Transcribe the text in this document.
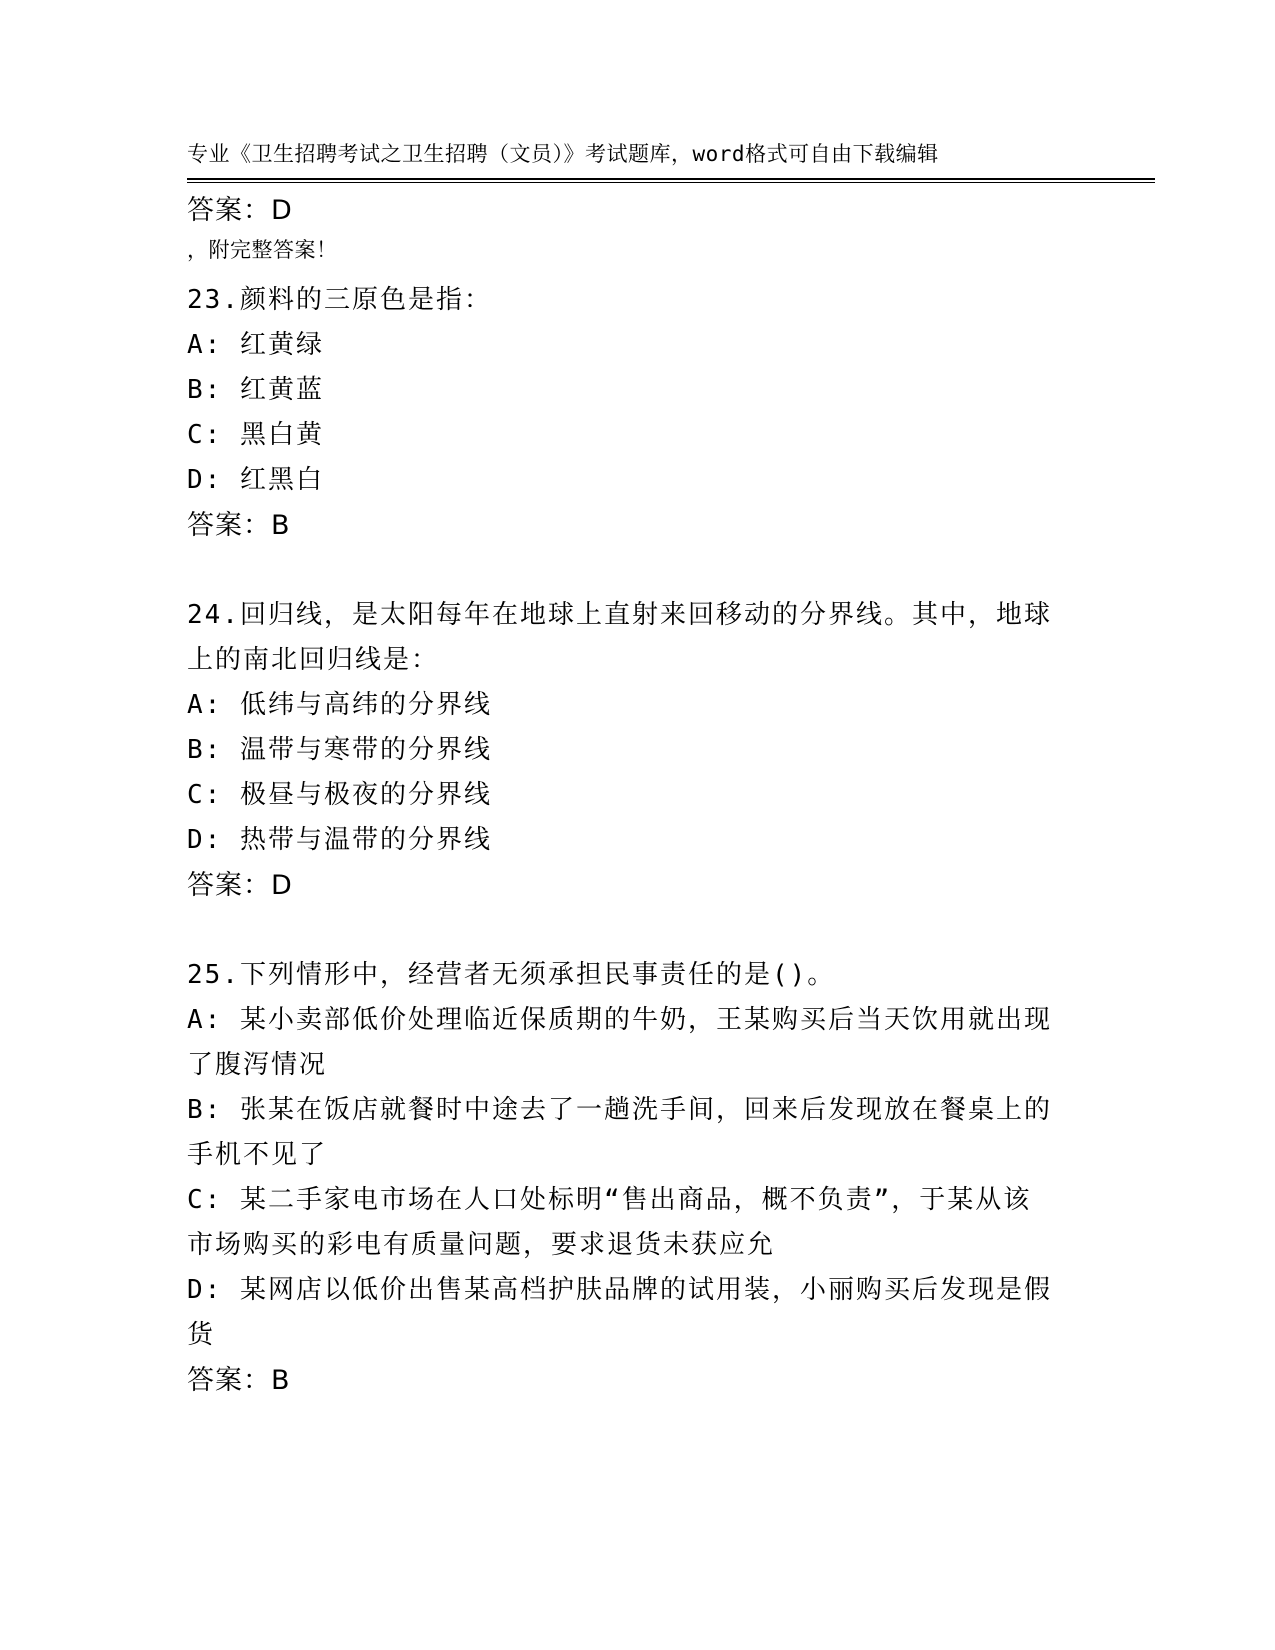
专业《卫生招聘考试之卫生招聘（文员）》考试题库，word格式可自由下载编辑

，附完整答案！

答案：D
23.颜料的三原色是指：
A: 红黄绿
B: 红黄蓝
C: 黑白黄
D: 红黑白
答案：B
24.回归线，是太阳每年在地球上直射来回移动的分界线。其中，地球
上的南北回归线是：
A: 低纬与高纬的分界线
B: 温带与寒带的分界线
C: 极昼与极夜的分界线
D: 热带与温带的分界线
答案：D
25.下列情形中，经营者无须承担民事责任的是()。
A: 某小卖部低价处理临近保质期的牛奶，王某购买后当天饮用就出现
了腹泻情况
B: 张某在饭店就餐时中途去了一趟洗手间，回来后发现放在餐桌上的
手机不见了
C: 某二手家电市场在人口处标明“售出商品，概不负责”，于某从该
市场购买的彩电有质量问题，要求退货未获应允
D: 某网店以低价出售某高档护肤品牌的试用装，小丽购买后发现是假
货
答案：B
